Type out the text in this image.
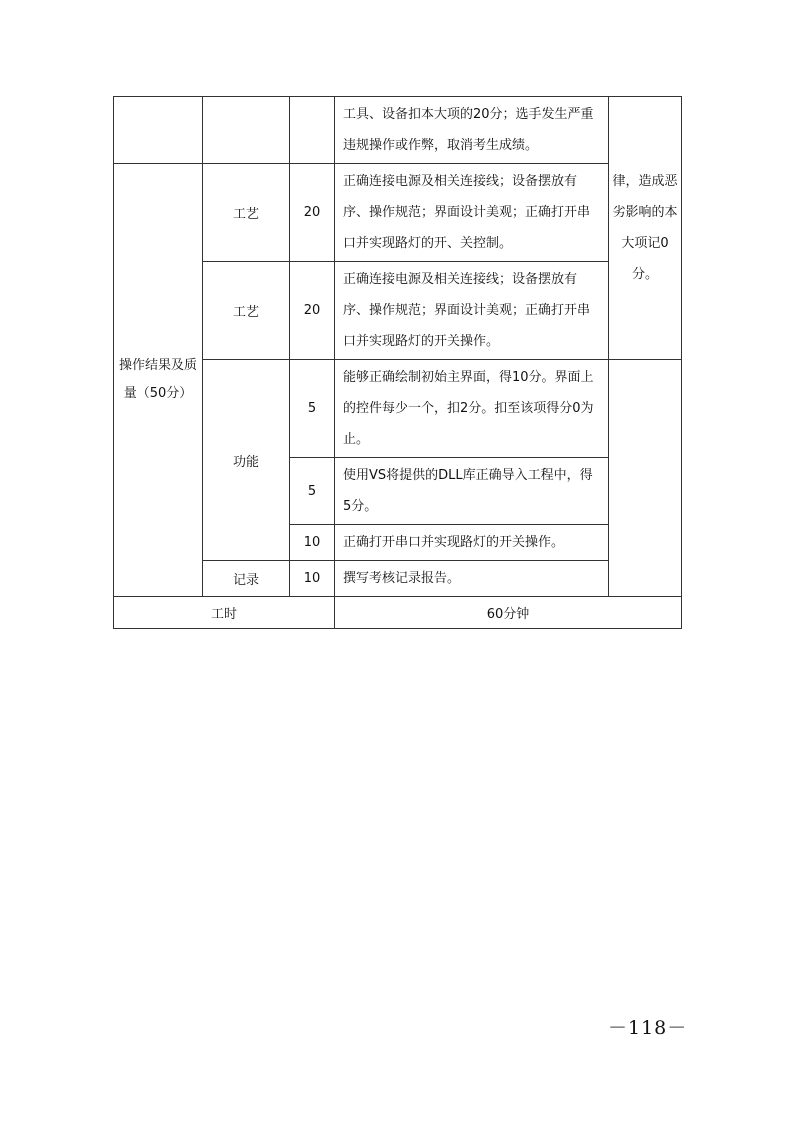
			工具、设备扣本大项的20分；选手发生严重违规操作或作弊，取消考生成绩。	律，造成恶劣影响的本大项记0分。	
操作结果及质量（50分）	工艺	20	正确连接电源及相关连接线；设备摆放有序、操作规范；界面设计美观；正确打开串口并实现路灯的开、关控制。		
	工艺	20	正确连接电源及相关连接线；设备摆放有序、操作规范；界面设计美观；正确打开串口并实现路灯的开关操作。		
	功能	5	能够正确绘制初始主界面，得10分。界面上的控件每少一个，扣2分。扣至该项得分0为止。		
		5	使用VS将提供的DLL库正确导入工程中，得5分。		
		10	正确打开串口并实现路灯的开关操作。		
	记录	10	撰写考核记录报告。		
工时			60分钟		
－118－
